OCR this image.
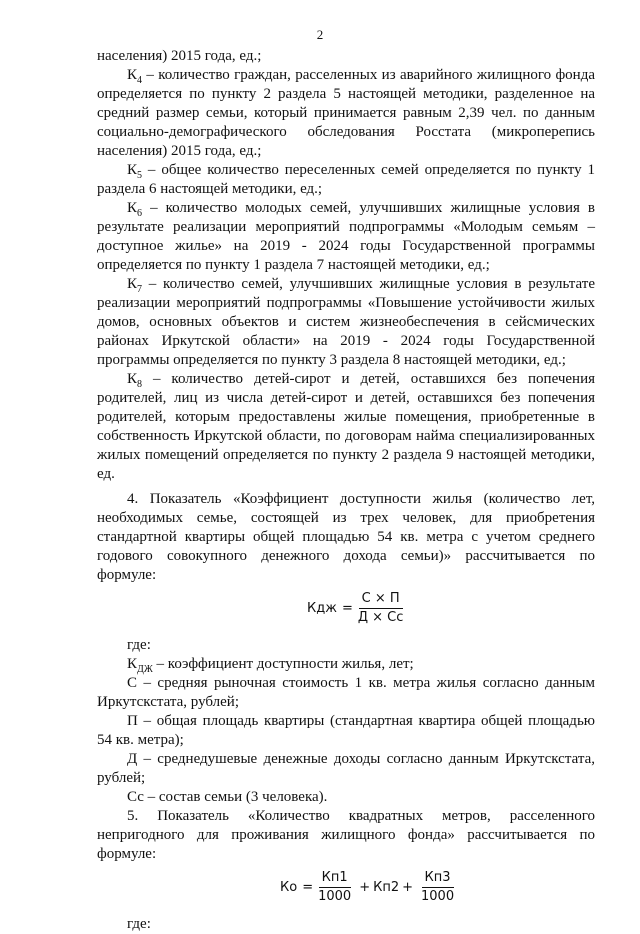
2

населения) 2015 года, ед.;

$К_4$ – количество граждан, расселенных из аварийного жилищного фонда определяется по пункту 2 раздела 5 настоящей методики, разделенное на средний размер семьи, который принимается равным 2,39 чел. по данным социально-демографического обследования Росстата (микроперепись населения) 2015 года, ед.;

$К_5$ – общее количество переселенных семей определяется по пункту 1 раздела 6 настоящей методики, ед.;

$К_6$ – количество молодых семей, улучшивших жилищные условия в результате реализации мероприятий подпрограммы «Молодым семьям – доступное жилье» на 2019 - 2024 годы Государственной программы определяется по пункту 1 раздела 7 настоящей методики, ед.;

$К_7$ – количество семей, улучшивших жилищные условия в результате реализации мероприятий подпрограммы «Повышение устойчивости жилых домов, основных объектов и систем жизнеобеспечения в сейсмических районах Иркутской области» на 2019 - 2024 годы Государственной программы определяется по пункту 3 раздела 8 настоящей методики, ед.;

$К_8$ – количество детей-сирот и детей, оставшихся без попечения родителей, лиц из числа детей-сирот и детей, оставшихся без попечения родителей, которым предоставлены жилые помещения, приобретенные в собственность Иркутской области, по договорам найма специализированных жилых помещений определяется по пункту 2 раздела 9 настоящей методики, ед.

4. Показатель «Коэффициент доступности жилья (количество лет, необходимых семье, состоящей из трех человек, для приобретения стандартной квартиры общей площадью 54 кв. метра с учетом среднего годового совокупного денежного дохода семьи)» рассчитывается по формуле:

Кдж = $\frac{С \times П}{Д \times Сс}$

где:

$К_{ДЖ}$ – коэффициент доступности жилья, лет;

С – средняя рыночная стоимость 1 кв. метра жилья согласно данным Иркутскстата, рублей;

П – общая площадь квартиры (стандартная квартира общей площадью 54 кв. метра);

Д – среднедушевые денежные доходы согласно данным Иркутскстата, рублей;

Сс – состав семьи (3 человека).

5. Показатель «Количество квадратных метров, расселенного непригодного для проживания жилищного фонда» рассчитывается по формуле:

Ко = $\frac{Кп1}{1000} + Кп2 + \frac{Кп3}{1000}$

где:
